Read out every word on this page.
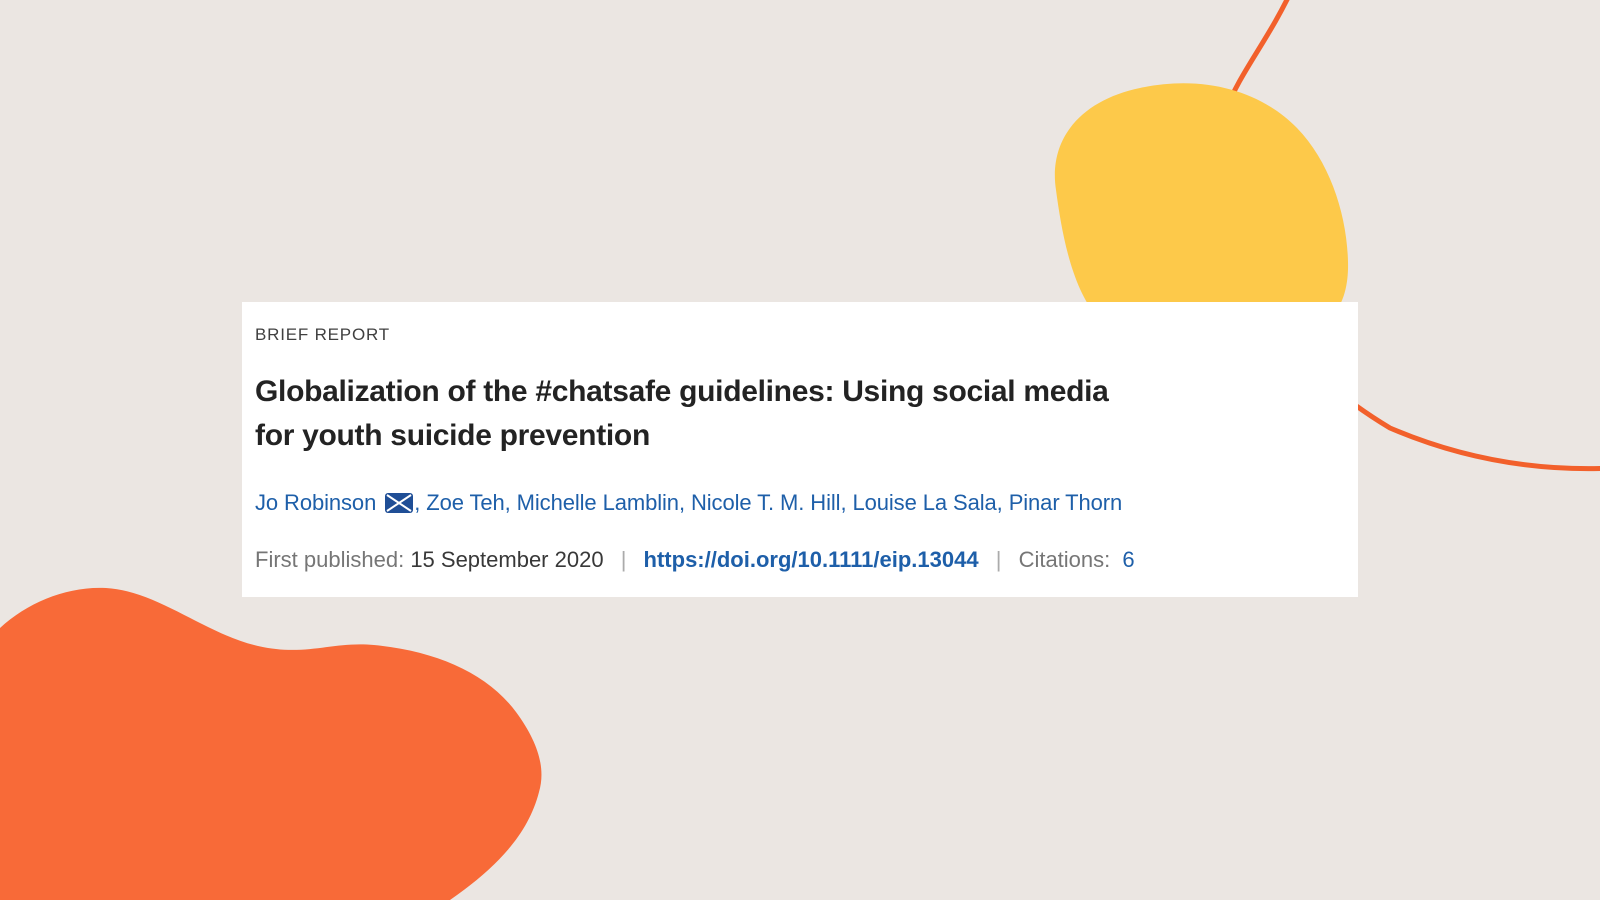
BRIEF REPORT
Globalization of the #chatsafe guidelines: Using social media
for youth suicide prevention
Jo Robinson , Zoe Teh, Michelle Lamblin, Nicole T. M. Hill, Louise La Sala, Pinar Thorn
First published: 15 September 2020 | https://doi.org/10.1111/eip.13044 | Citations: 6
